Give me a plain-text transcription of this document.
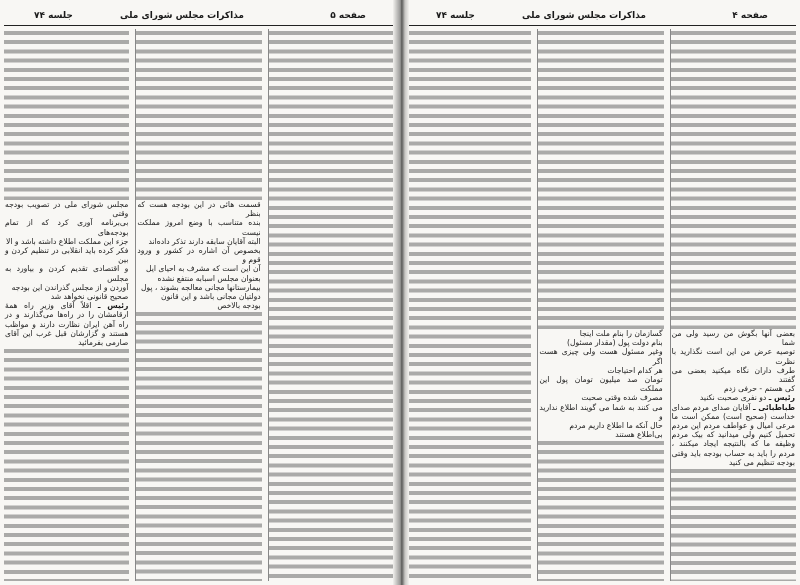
صفحه ۵
مذاکرات مجلس شورای ملی
جلسه ۷۴

قسمت هائی در این بودجه هست که بنظر

بنده متناسب با وضع امروز مملکت نیست

البته آقایان سابقه دارند تذکر داده‌اند

بخصوص آن اشاره در کشور و ورود قوم و

آن این است که مشرف به احیای ایل

بعنوان مجلس اسبابه منتفع نشده

بیمارستانها مجانی معالجه بشوند ، پول

دولتیان مجانی باشد و این قانون

بودجه بالاخص

مجلس شورای ملی در تصویب بودجه وقتی

بی‌برنامه آوری کرد که از تمام بودجه‌های

جزء این مملکت اطلاع داشته باشد و الا

فکر کرده باید انقلابی در تنظیم کردن و بین

و اقتصادی تقدیم کردن و بیاورد به مجلس

آوردن و از مجلس گذراندن این بودجه

صحیح قانونی نخواهد شد

رئیس ـ اقلاً آقای وزیر راه همهٔ ارقامشان را در راه‌ها می‌گذارند و در راه آهن ایران نظارت دارند و مواظب هستند و گزارشان قبل غرب این آقای صارمی بفرمائید

صفحه ۴
مذاکرات مجلس شورای ملی
جلسه ۷۴

بعضی آنها بگوش من رسید ولی من شما

توصیه عرض من این است نگذارید با نظرت

طرف داران نگاه میکنید بعضی می گفتند

کی هستم - حرفی زدم

رئیس ـ دو نفری صحبت نکنید

طباطبائی ـ آقایان صدای مردم صدای خداست (صحیح است) ممکن است ما مرعی امیال و عواطف مردم این مردم تحمیل کنیم ولی میدانید که بیک مردم وظیفه ما که بالنتیجه ایجاد میکنند ، مردم را باید به حساب بودجه باید وقتی بودجه تنظیم می کنید

گسازمان را بنام ملت اینجا

بنام دولت پول (مقدار مسئول)

وغیر مسئول هست ولی چیزی هست اگر

هر کدام احتیاجات

تومان صد میلیون تومان پول این مملکت

مصرف شده وقتی صحبت

می کنند به شما می گویند اطلاع ندارید و

حال آنکه ما اطلاع داریم مردم

بی‌اطلاع هستند
